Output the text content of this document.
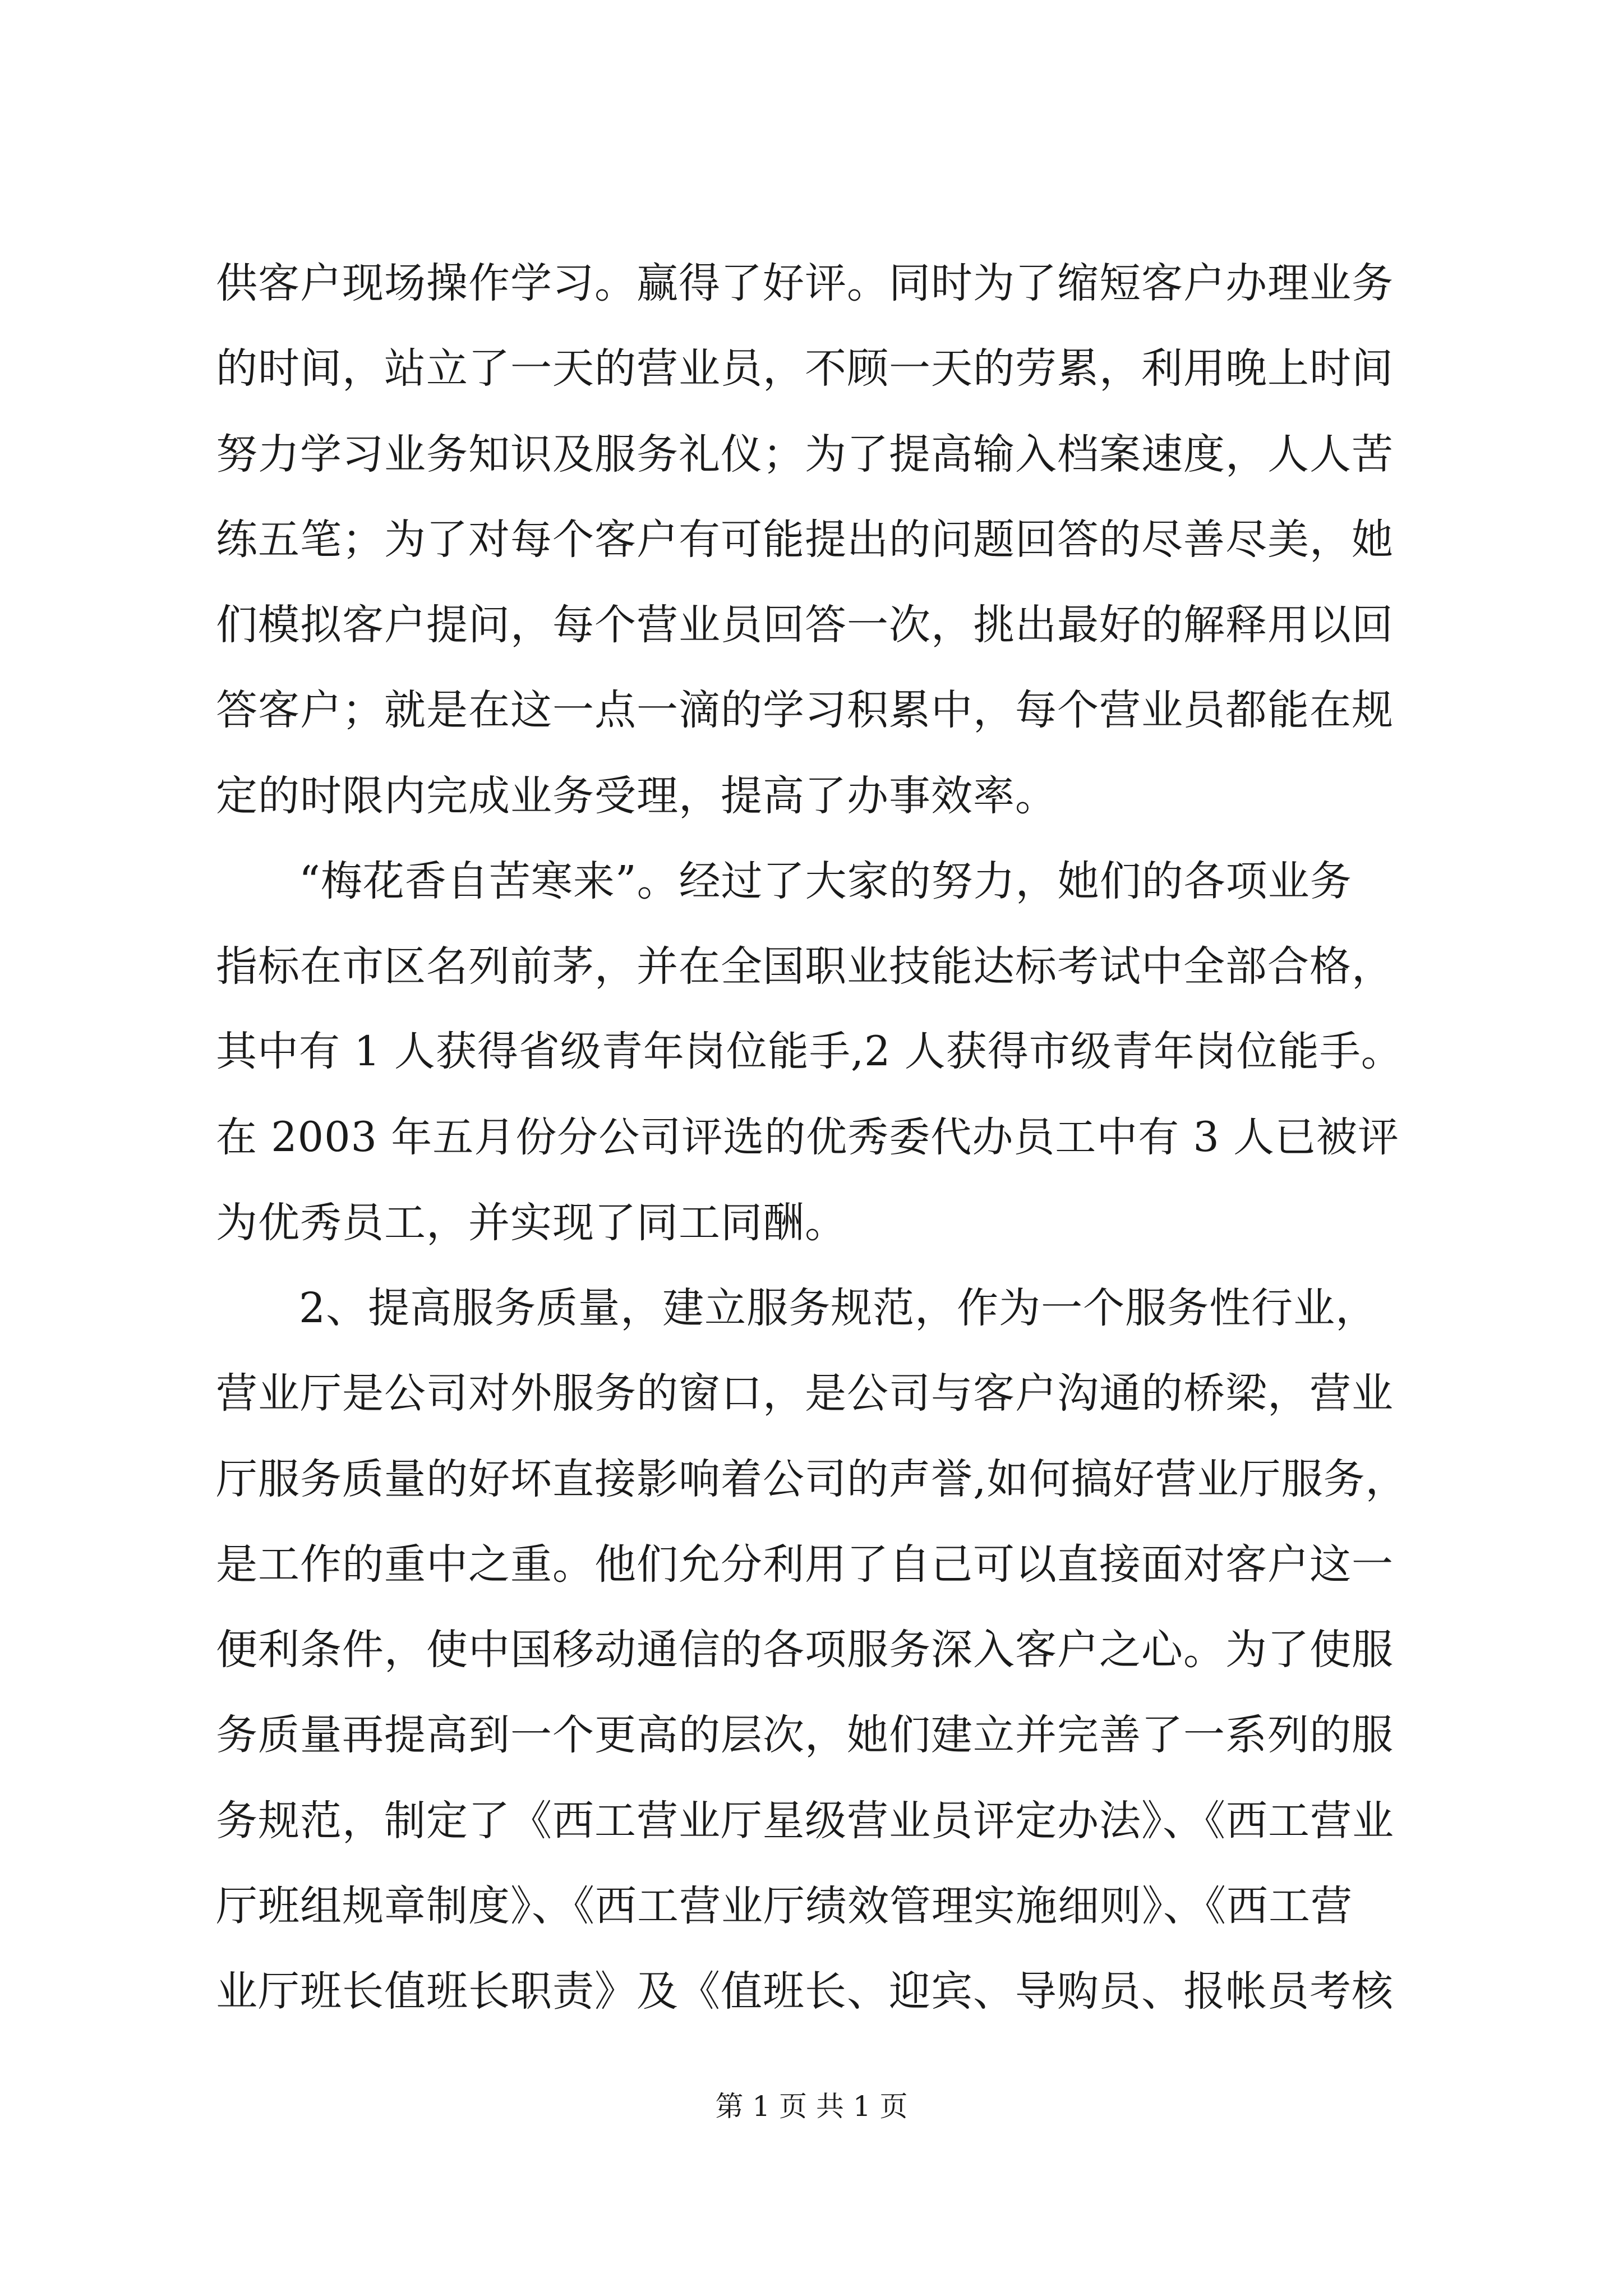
供客户现场操作学习。赢得了好评。同时为了缩短客户办理业务
的时间，站立了一天的营业员，不顾一天的劳累，利用晚上时间
努力学习业务知识及服务礼仪；为了提高输入档案速度，人人苦
练五笔；为了对每个客户有可能提出的问题回答的尽善尽美，她
们模拟客户提问，每个营业员回答一次，挑出最好的解释用以回
答客户；就是在这一点一滴的学习积累中，每个营业员都能在规
定的时限内完成业务受理，提高了办事效率。
“梅花香自苦寒来”。经过了大家的努力，她们的各项业务
指标在市区名列前茅，并在全国职业技能达标考试中全部合格，
其中有 1 人获得省级青年岗位能手,2 人获得市级青年岗位能手。
在 2003 年五月份分公司评选的优秀委代办员工中有 3 人已被评
为优秀员工，并实现了同工同酬。
2、提高服务质量，建立服务规范，作为一个服务性行业，
营业厅是公司对外服务的窗口，是公司与客户沟通的桥梁，营业
厅服务质量的好坏直接影响着公司的声誉,如何搞好营业厅服务，
是工作的重中之重。他们允分利用了自己可以直接面对客户这一
便利条件，使中国移动通信的各项服务深入客户之心。为了使服
务质量再提高到一个更高的层次，她们建立并完善了一系列的服
务规范，制定了《西工营业厅星级营业员评定办法》、《西工营业
厅班组规章制度》、《西工营业厅绩效管理实施细则》、《西工营
业厅班长值班长职责》及《值班长、迎宾、导购员、报帐员考核
第 1 页 共 1 页
